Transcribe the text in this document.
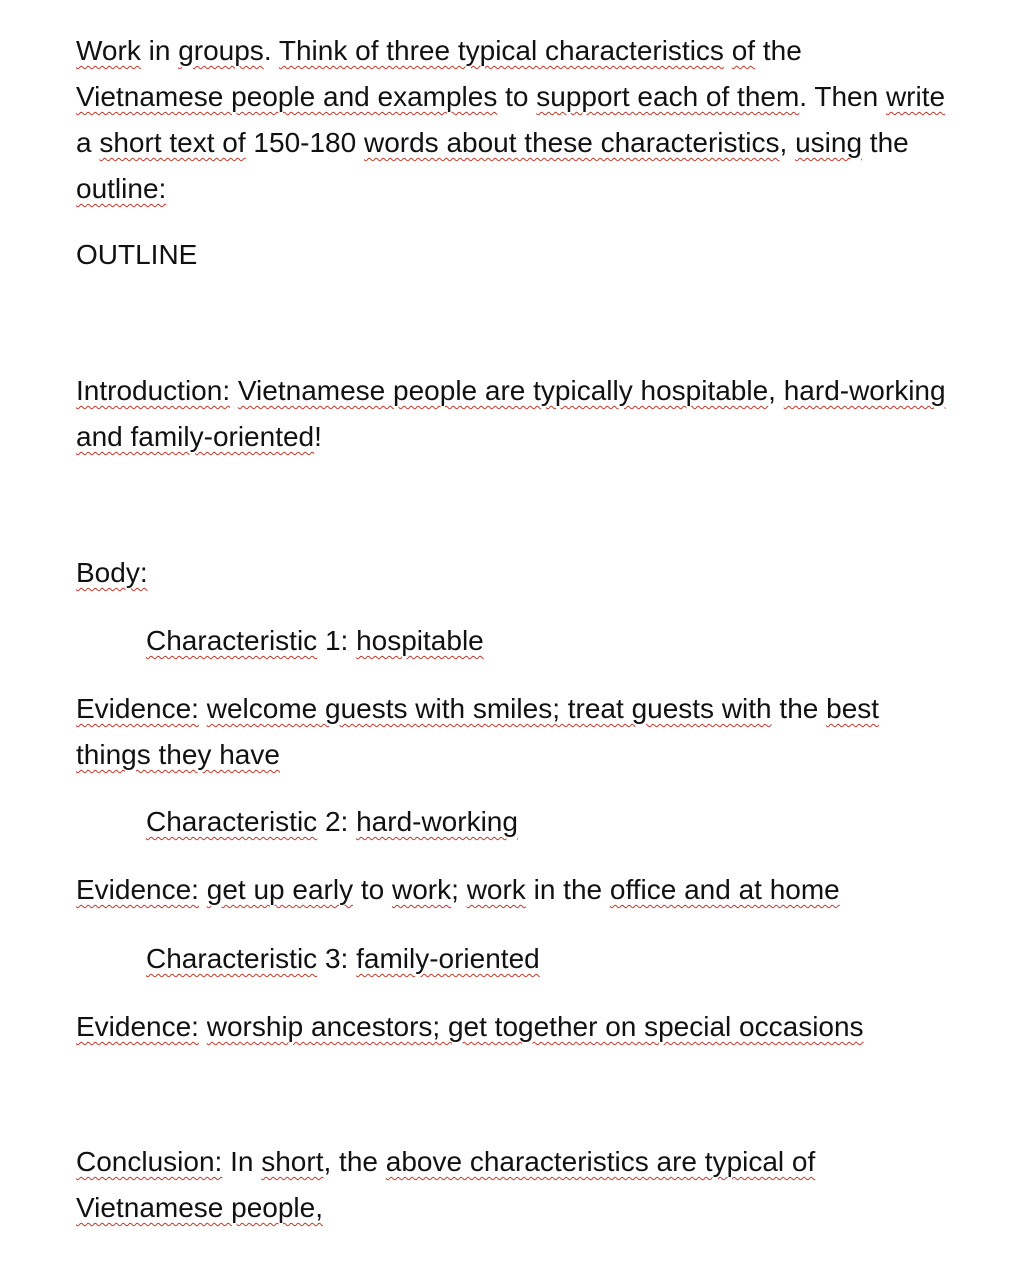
Work in groups. Think of three typical characteristics of the
Vietnamese people and examples to support each of them. Then write
a short text of 150-180 words about these characteristics, using the
outline:

OUTLINE

Introduction: Vietnamese people are typically hospitable, hard-working
and family-oriented!

Body:

Characteristic 1: hospitable

Evidence: welcome guests with smiles; treat guests with the best
things they have

Characteristic 2: hard-working

Evidence: get up early to work; work in the office and at home

Characteristic 3: family-oriented

Evidence: worship ancestors; get together on special occasions

Conclusion: In short, the above characteristics are typical of
Vietnamese people,
